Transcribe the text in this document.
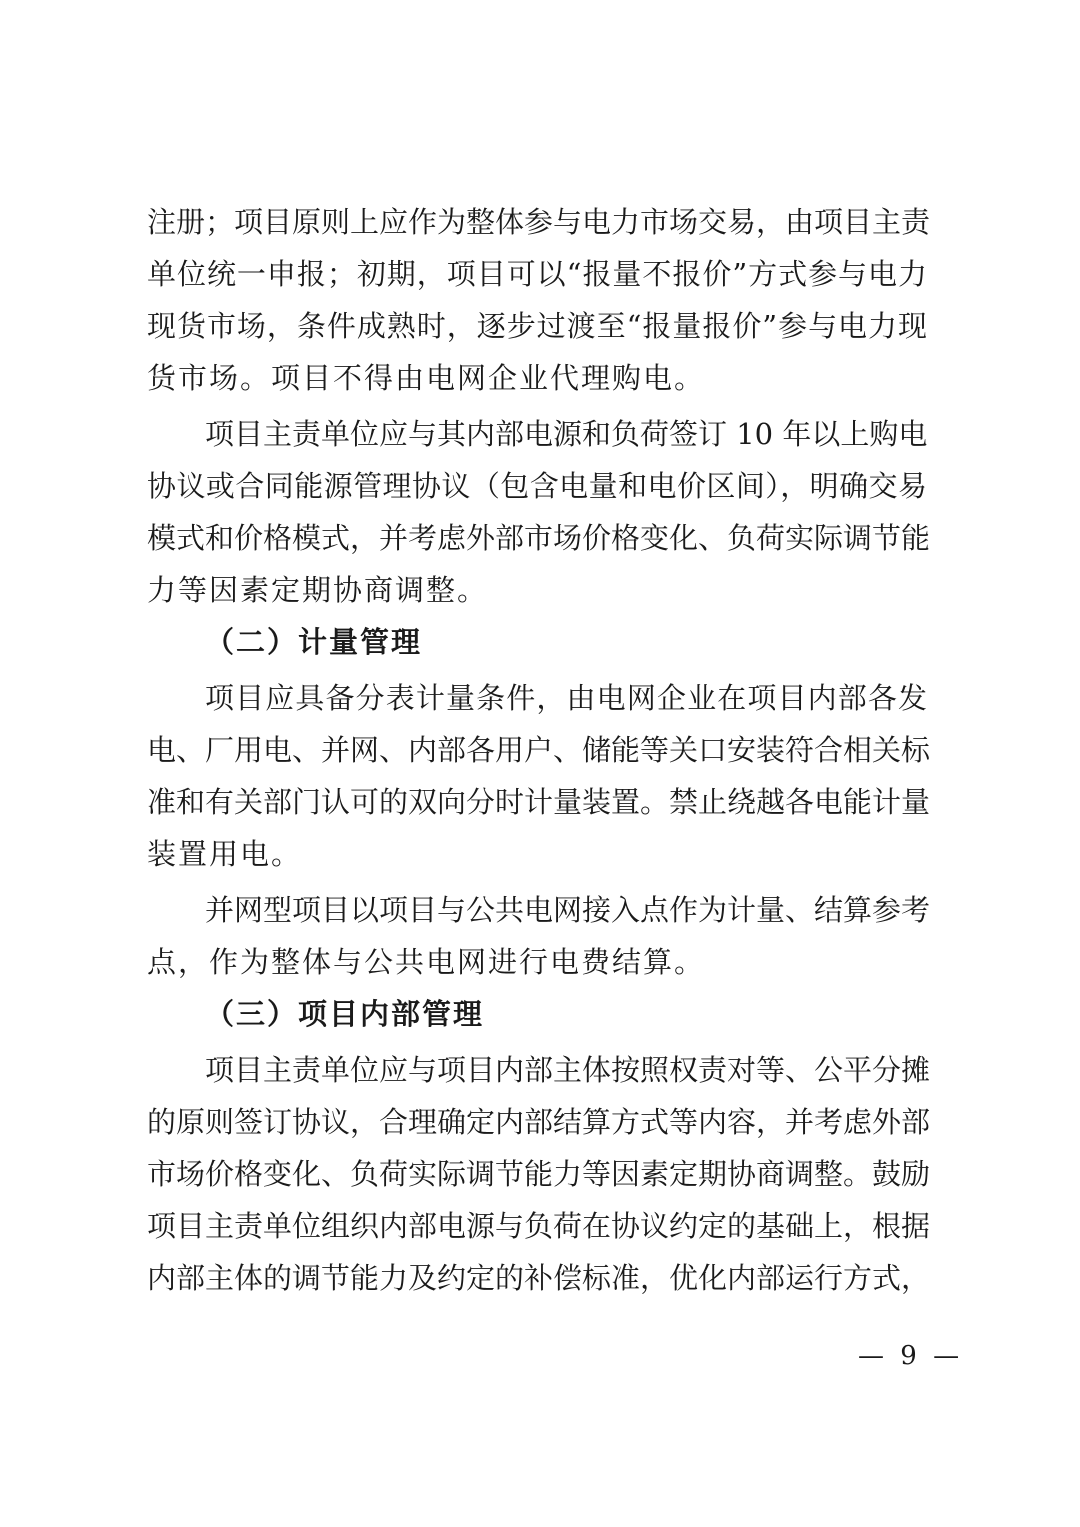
注册；项目原则上应作为整体参与电力市场交易，由项目主责
单位统一申报；初期，项目可以“报量不报价”方式参与电力
现货市场，条件成熟时，逐步过渡至“报量报价”参与电力现
货市场。项目不得由电网企业代理购电。
项目主责单位应与其内部电源和负荷签订 10 年以上购电
协议或合同能源管理协议（包含电量和电价区间），明确交易
模式和价格模式，并考虑外部市场价格变化、负荷实际调节能
力等因素定期协商调整。
（二）计量管理
项目应具备分表计量条件，由电网企业在项目内部各发
电、厂用电、并网、内部各用户、储能等关口安装符合相关标
准和有关部门认可的双向分时计量装置。禁止绕越各电能计量
装置用电。
并网型项目以项目与公共电网接入点作为计量、结算参考
点，作为整体与公共电网进行电费结算。
（三）项目内部管理
项目主责单位应与项目内部主体按照权责对等、公平分摊
的原则签订协议，合理确定内部结算方式等内容，并考虑外部
市场价格变化、负荷实际调节能力等因素定期协商调整。鼓励
项目主责单位组织内部电源与负荷在协议约定的基础上，根据
内部主体的调节能力及约定的补偿标准，优化内部运行方式，
— 9 —
